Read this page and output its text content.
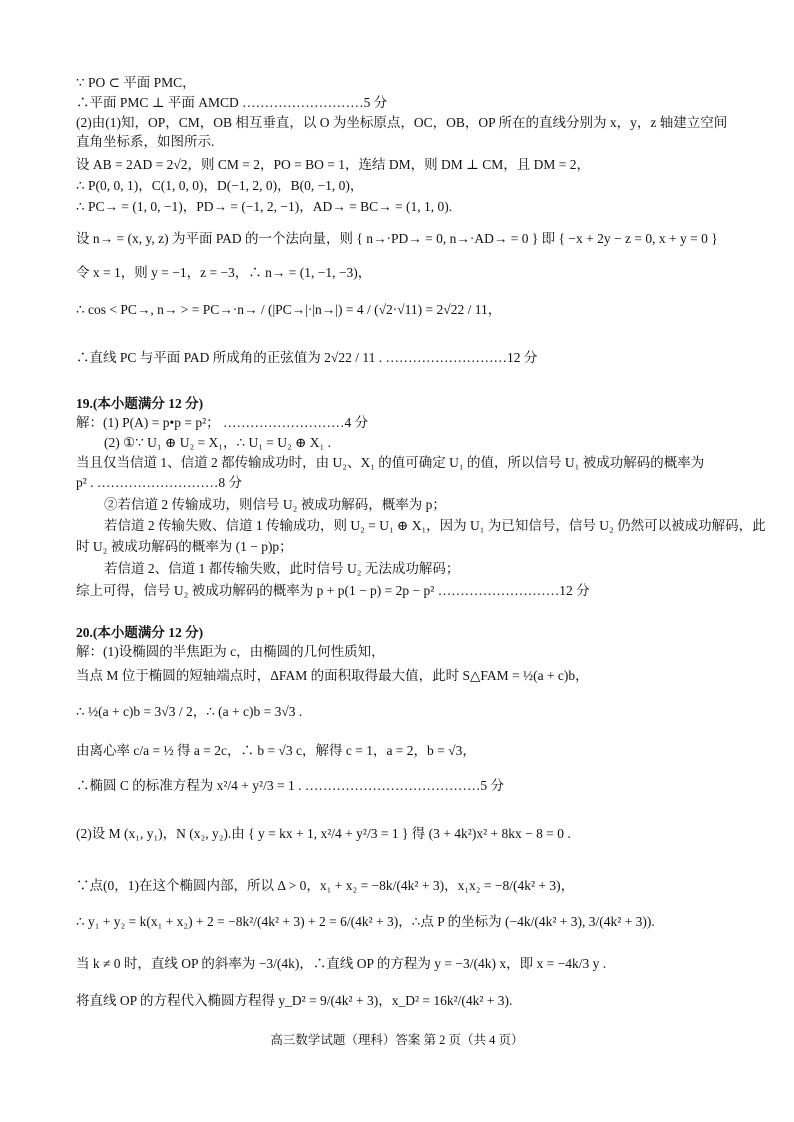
∵ PO ⊂ 平面 PMC，
∴平面 PMC ⊥ 平面 AMCD ………………………5 分
(2)由(1)知，OP，CM，OB 相互垂直，以 O 为坐标原点，OC，OB，OP 所在的直线分别为 x，y，z 轴建立空间
直角坐标系，如图所示.
设 AB = 2AD = 2√2，则 CM = 2，PO = BO = 1，连结 DM，则 DM ⊥ CM，且 DM = 2，
∴ P(0, 0, 1)，C(1, 0, 0)，D(−1, 2, 0)，B(0, −1, 0)，
∴ PC→ = (1, 0, −1)，PD→ = (−1, 2, −1)，AD→ = BC→ = (1, 1, 0).
设 n→ = (x, y, z) 为平面 PAD 的一个法向量，则 { n→·PD→ = 0, n→·AD→ = 0 } 即 { −x + 2y − z = 0, x + y = 0 }
令 x = 1，则 y = −1，z = −3，∴ n→ = (1, −1, −3)，
∴ cos < PC→, n→ > = PC→·n→ / (|PC→|·|n→|) = 4 / (√2·√11) = 2√22 / 11，
∴直线 PC 与平面 PAD 所成角的正弦值为 2√22 / 11 . ………………………12 分
19.(本小题满分 12 分)
解：(1) P(A) = p•p = p²； ………………………4 分
(2) ①∵ U₁ ⊕ U₂ = X₁，∴ U₁ = U₂ ⊕ X₁ .
当且仅当信道 1、信道 2 都传输成功时，由 U₂、X₁ 的值可确定 U₁ 的值，所以信号 U₁ 被成功解码的概率为
p² . ………………………8 分
②若信道 2 传输成功，则信号 U₂ 被成功解码，概率为 p；
若信道 2 传输失败、信道 1 传输成功，则 U₂ = U₁ ⊕ X₁，因为 U₁ 为已知信号，信号 U₂ 仍然可以被成功解码，此
时 U₂ 被成功解码的概率为 (1 − p)p；
若信道 2、信道 1 都传输失败，此时信号 U₂ 无法成功解码；
综上可得，信号 U₂ 被成功解码的概率为 p + p(1 − p) = 2p − p² ………………………12 分
20.(本小题满分 12 分)
解：(1)设椭圆的半焦距为 c，由椭圆的几何性质知，
当点 M 位于椭圆的短轴端点时，ΔFAM 的面积取得最大值，此时 S△FAM = ½(a + c)b，
∴ ½(a + c)b = 3√3 / 2，∴ (a + c)b = 3√3 .
由离心率 c/a = ½ 得 a = 2c，∴ b = √3 c，解得 c = 1，a = 2，b = √3，
∴椭圆 C 的标准方程为 x²/4 + y²/3 = 1 . …………………………………5 分
(2)设 M (x₁, y₁)，N (x₂, y₂).由 { y = kx + 1, x²/4 + y²/3 = 1 } 得 (3 + 4k²)x² + 8kx − 8 = 0 .
∵点(0，1)在这个椭圆内部，所以 Δ > 0，x₁ + x₂ = −8k/(4k² + 3)，x₁x₂ = −8/(4k² + 3)，
∴ y₁ + y₂ = k(x₁ + x₂) + 2 = −8k²/(4k² + 3) + 2 = 6/(4k² + 3)，∴点 P 的坐标为 (−4k/(4k² + 3), 3/(4k² + 3)).
当 k ≠ 0 时，直线 OP 的斜率为 −3/(4k)，∴直线 OP 的方程为 y = −3/(4k) x，即 x = −4k/3 y .
将直线 OP 的方程代入椭圆方程得 y_D² = 9/(4k² + 3)，x_D² = 16k²/(4k² + 3).
高三数学试题（理科）答案 第 2 页（共 4 页）
